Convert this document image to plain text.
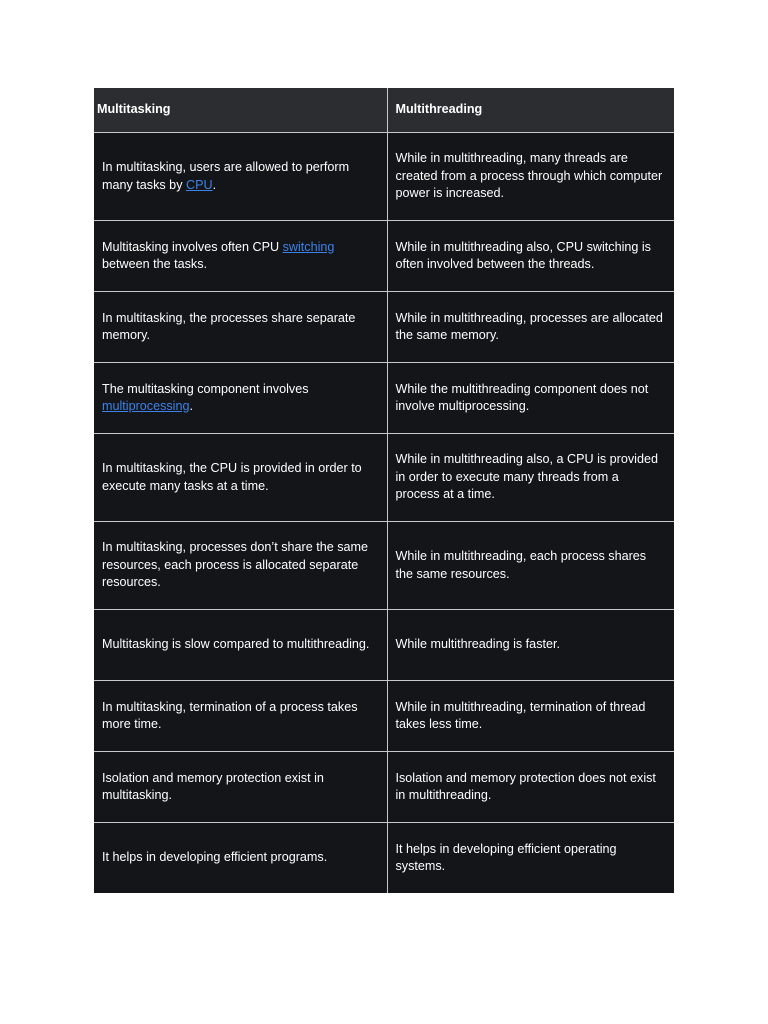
Multitasking	Multithreading
In multitasking, users are allowed to perform many tasks by CPU.	While in multithreading, many threads are created from a process through which computer power is increased.
Multitasking involves often CPU switching between the tasks.	While in multithreading also, CPU switching is often involved between the threads.
In multitasking, the processes share separate memory.	While in multithreading, processes are allocated the same memory.
The multitasking component involves multiprocessing.	While the multithreading component does not involve multiprocessing.
In multitasking, the CPU is provided in order to execute many tasks at a time.	While in multithreading also, a CPU is provided in order to execute many threads from a process at a time.
In multitasking, processes don’t share the same resources, each process is allocated separate resources.	While in multithreading, each process shares the same resources.
Multitasking is slow compared to multithreading.	While multithreading is faster.
In multitasking, termination of a process takes more time.	While in multithreading, termination of thread takes less time.
Isolation and memory protection exist in multitasking.	Isolation and memory protection does not exist in multithreading.
It helps in developing efficient programs.	It helps in developing efficient operating systems.
